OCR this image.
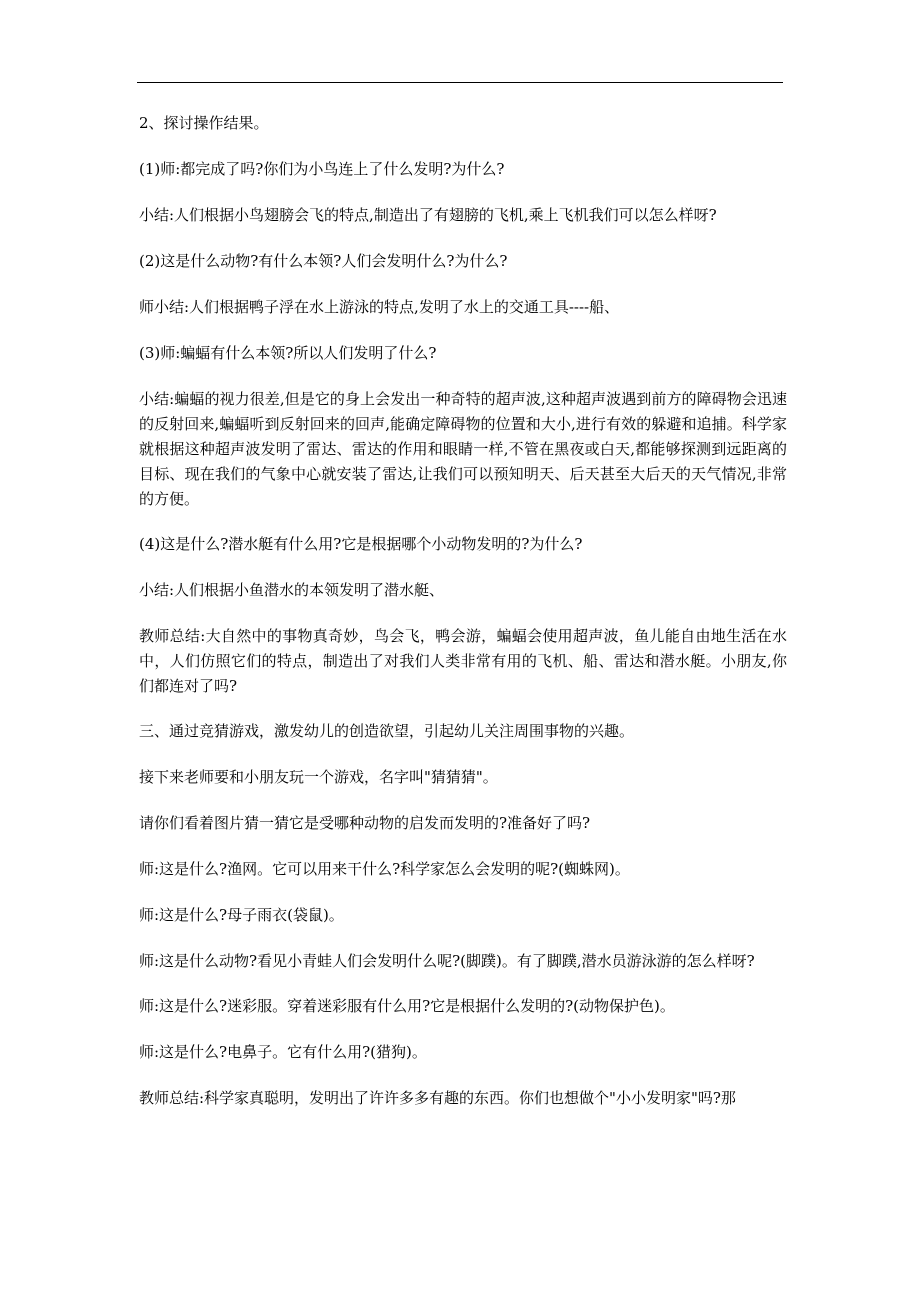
2、探讨操作结果。

(1)师:都完成了吗?你们为小鸟连上了什么发明?为什么?

小结:人们根据小鸟翅膀会飞的特点,制造出了有翅膀的飞机,乘上飞机我们可以怎么样呀?

(2)这是什么动物?有什么本领?人们会发明什么?为什么?

师小结:人们根据鸭子浮在水上游泳的特点,发明了水上的交通工具----船、

(3)师:蝙蝠有什么本领?所以人们发明了什么?

小结:蝙蝠的视力很差,但是它的身上会发出一种奇特的超声波,这种超声波遇到前方的障碍物会迅速的反射回来,蝙蝠听到反射回来的回声,能确定障碍物的位置和大小,进行有效的躲避和追捕。科学家就根据这种超声波发明了雷达、雷达的作用和眼睛一样,不管在黑夜或白天,都能够探测到远距离的目标、现在我们的气象中心就安装了雷达,让我们可以预知明天、后天甚至大后天的天气情况,非常的方便。

(4)这是什么?潜水艇有什么用?它是根据哪个小动物发明的?为什么?

小结:人们根据小鱼潜水的本领发明了潜水艇、

教师总结:大自然中的事物真奇妙，鸟会飞，鸭会游，蝙蝠会使用超声波，鱼儿能自由地生活在水中，人们仿照它们的特点，制造出了对我们人类非常有用的飞机、船、雷达和潜水艇。小朋友,你们都连对了吗?

三、通过竞猜游戏，激发幼儿的创造欲望，引起幼儿关注周围事物的兴趣。

接下来老师要和小朋友玩一个游戏，名字叫"猜猜猜"。

请你们看着图片猜一猜它是受哪种动物的启发而发明的?准备好了吗?

师:这是什么?渔网。它可以用来干什么?科学家怎么会发明的呢?(蜘蛛网)。

师:这是什么?母子雨衣(袋鼠)。

师:这是什么动物?看见小青蛙人们会发明什么呢?(脚蹼)。有了脚蹼,潜水员游泳游的怎么样呀?

师:这是什么?迷彩服。穿着迷彩服有什么用?它是根据什么发明的?(动物保护色)。

师:这是什么?电鼻子。它有什么用?(猎狗)。

教师总结:科学家真聪明，发明出了许许多多有趣的东西。你们也想做个"小小发明家"吗?那
